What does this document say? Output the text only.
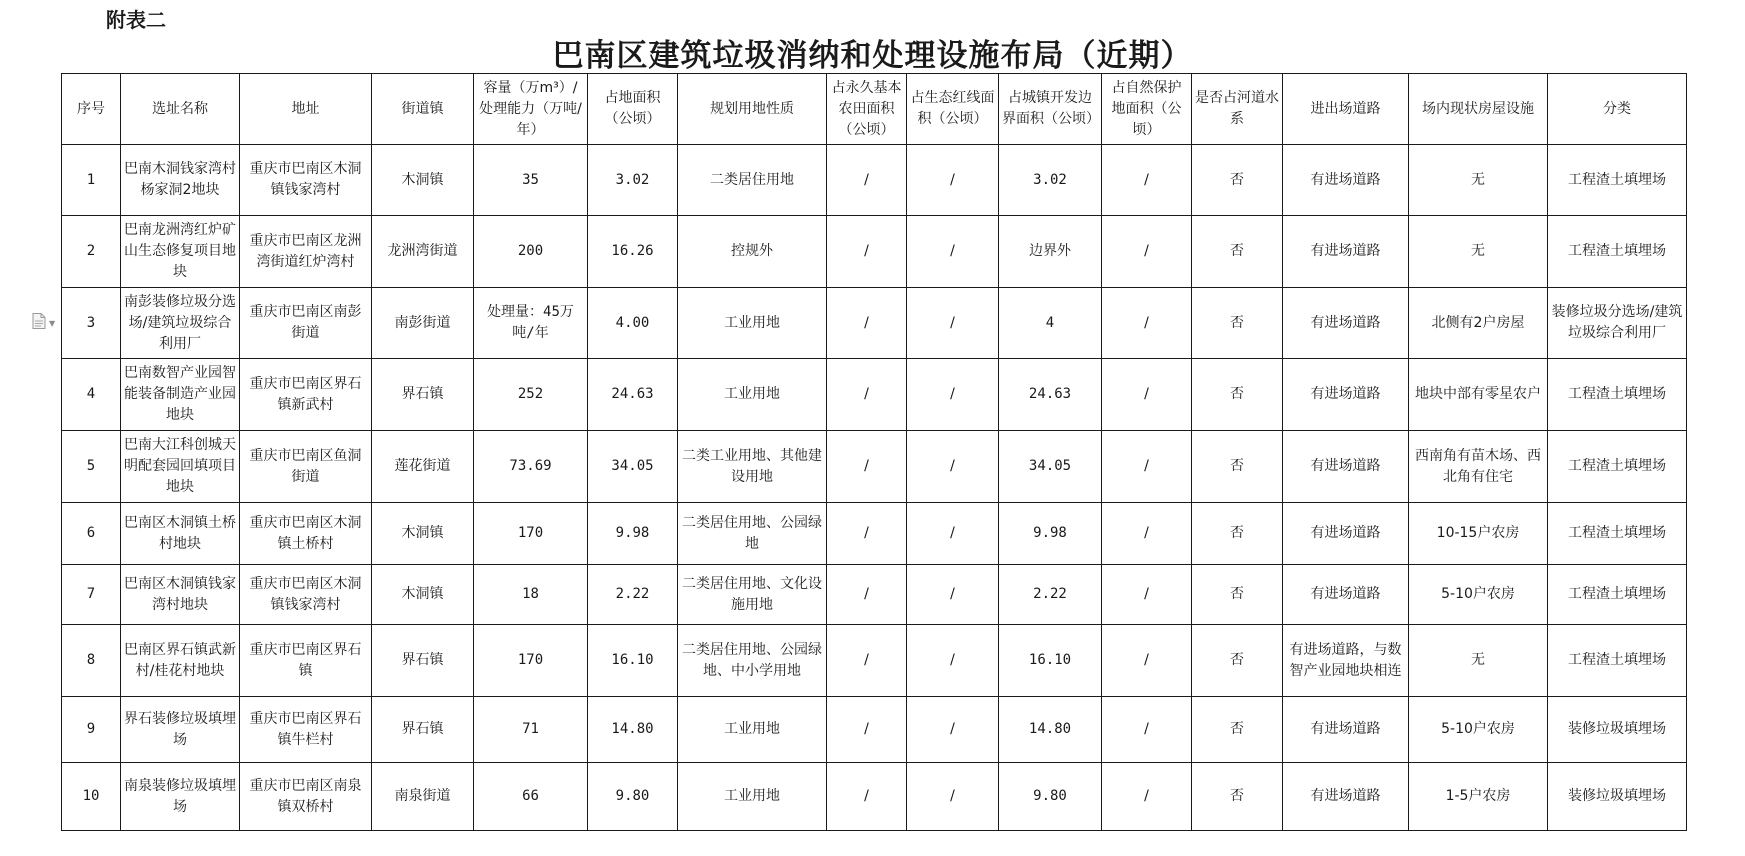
附表二
巴南区建筑垃圾消纳和处理设施布局（近期）
▼
序号	选址名称	地址	街道镇	容量（万m³）/处理能力（万吨/年）	占地面积（公顷）	规划用地性质	占永久基本农田面积（公顷）	占生态红线面积（公顷）	占城镇开发边界面积（公顷）	占自然保护地面积（公顷）	是否占河道水系	进出场道路	场内现状房屋设施	分类
1	巴南木洞钱家湾村杨家洞2地块	重庆市巴南区木洞镇钱家湾村	木洞镇	35	3.02	二类居住用地	/	/	3.02	/	否	有进场道路	无	工程渣土填埋场
2	巴南龙洲湾红炉矿山生态修复项目地块	重庆市巴南区龙洲湾街道红炉湾村	龙洲湾街道	200	16.26	控规外	/	/	边界外	/	否	有进场道路	无	工程渣土填埋场
3	南彭装修垃圾分选场/建筑垃圾综合利用厂	重庆市巴南区南彭街道	南彭街道	处理量：45万吨/年	4.00	工业用地	/	/	4	/	否	有进场道路	北侧有2户房屋	装修垃圾分选场/建筑垃圾综合利用厂
4	巴南数智产业园智能装备制造产业园地块	重庆市巴南区界石镇新武村	界石镇	252	24.63	工业用地	/	/	24.63	/	否	有进场道路	地块中部有零星农户	工程渣土填埋场
5	巴南大江科创城天明配套园回填项目地块	重庆市巴南区鱼洞街道	莲花街道	73.69	34.05	二类工业用地、其他建设用地	/	/	34.05	/	否	有进场道路	西南角有苗木场、西北角有住宅	工程渣土填埋场
6	巴南区木洞镇土桥村地块	重庆市巴南区木洞镇土桥村	木洞镇	170	9.98	二类居住用地、公园绿地	/	/	9.98	/	否	有进场道路	10-15户农房	工程渣土填埋场
7	巴南区木洞镇钱家湾村地块	重庆市巴南区木洞镇钱家湾村	木洞镇	18	2.22	二类居住用地、文化设施用地	/	/	2.22	/	否	有进场道路	5-10户农房	工程渣土填埋场
8	巴南区界石镇武新村/桂花村地块	重庆市巴南区界石镇	界石镇	170	16.10	二类居住用地、公园绿地、中小学用地	/	/	16.10	/	否	有进场道路，与数智产业园地块相连	无	工程渣土填埋场
9	界石装修垃圾填埋场	重庆市巴南区界石镇牛栏村	界石镇	71	14.80	工业用地	/	/	14.80	/	否	有进场道路	5-10户农房	装修垃圾填埋场
10	南泉装修垃圾填埋场	重庆市巴南区南泉镇双桥村	南泉街道	66	9.80	工业用地	/	/	9.80	/	否	有进场道路	1-5户农房	装修垃圾填埋场
